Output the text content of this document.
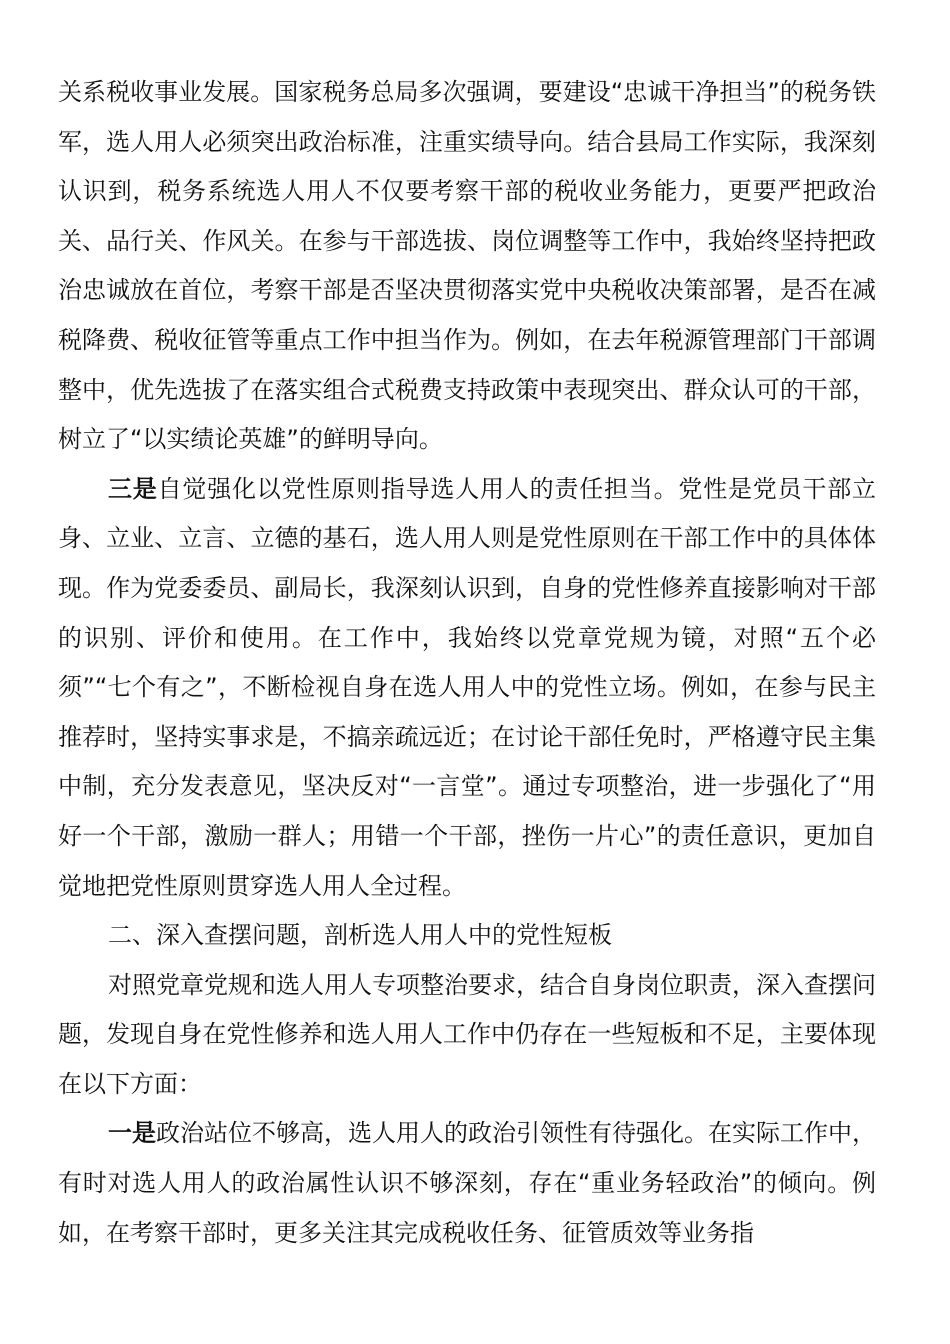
关系税收事业发展。国家税务总局多次强调，要建设“忠诚干净担当”的税务铁军，选人用人必须突出政治标准，注重实绩导向。结合县局工作实际，我深刻认识到，税务系统选人用人不仅要考察干部的税收业务能力，更要严把政治关、品行关、作风关。在参与干部选拔、岗位调整等工作中，我始终坚持把政治忠诚放在首位，考察干部是否坚决贯彻落实党中央税收决策部署，是否在减税降费、税收征管等重点工作中担当作为。例如，在去年税源管理部门干部调整中，优先选拔了在落实组合式税费支持政策中表现突出、群众认可的干部，树立了“以实绩论英雄”的鲜明导向。

三是自觉强化以党性原则指导选人用人的责任担当。党性是党员干部立身、立业、立言、立德的基石，选人用人则是党性原则在干部工作中的具体体现。作为党委委员、副局长，我深刻认识到，自身的党性修养直接影响对干部的识别、评价和使用。在工作中，我始终以党章党规为镜，对照“五个必须”“七个有之”，不断检视自身在选人用人中的党性立场。例如，在参与民主推荐时，坚持实事求是，不搞亲疏远近；在讨论干部任免时，严格遵守民主集中制，充分发表意见，坚决反对“一言堂”。通过专项整治，进一步强化了“用好一个干部，激励一群人；用错一个干部，挫伤一片心”的责任意识，更加自觉地把党性原则贯穿选人用人全过程。

二、深入查摆问题，剖析选人用人中的党性短板

对照党章党规和选人用人专项整治要求，结合自身岗位职责，深入查摆问题，发现自身在党性修养和选人用人工作中仍存在一些短板和不足，主要体现在以下方面：

一是政治站位不够高，选人用人的政治引领性有待强化。在实际工作中，有时对选人用人的政治属性认识不够深刻，存在“重业务轻政治”的倾向。例如，在考察干部时，更多关注其完成税收任务、征管质效等业务指
